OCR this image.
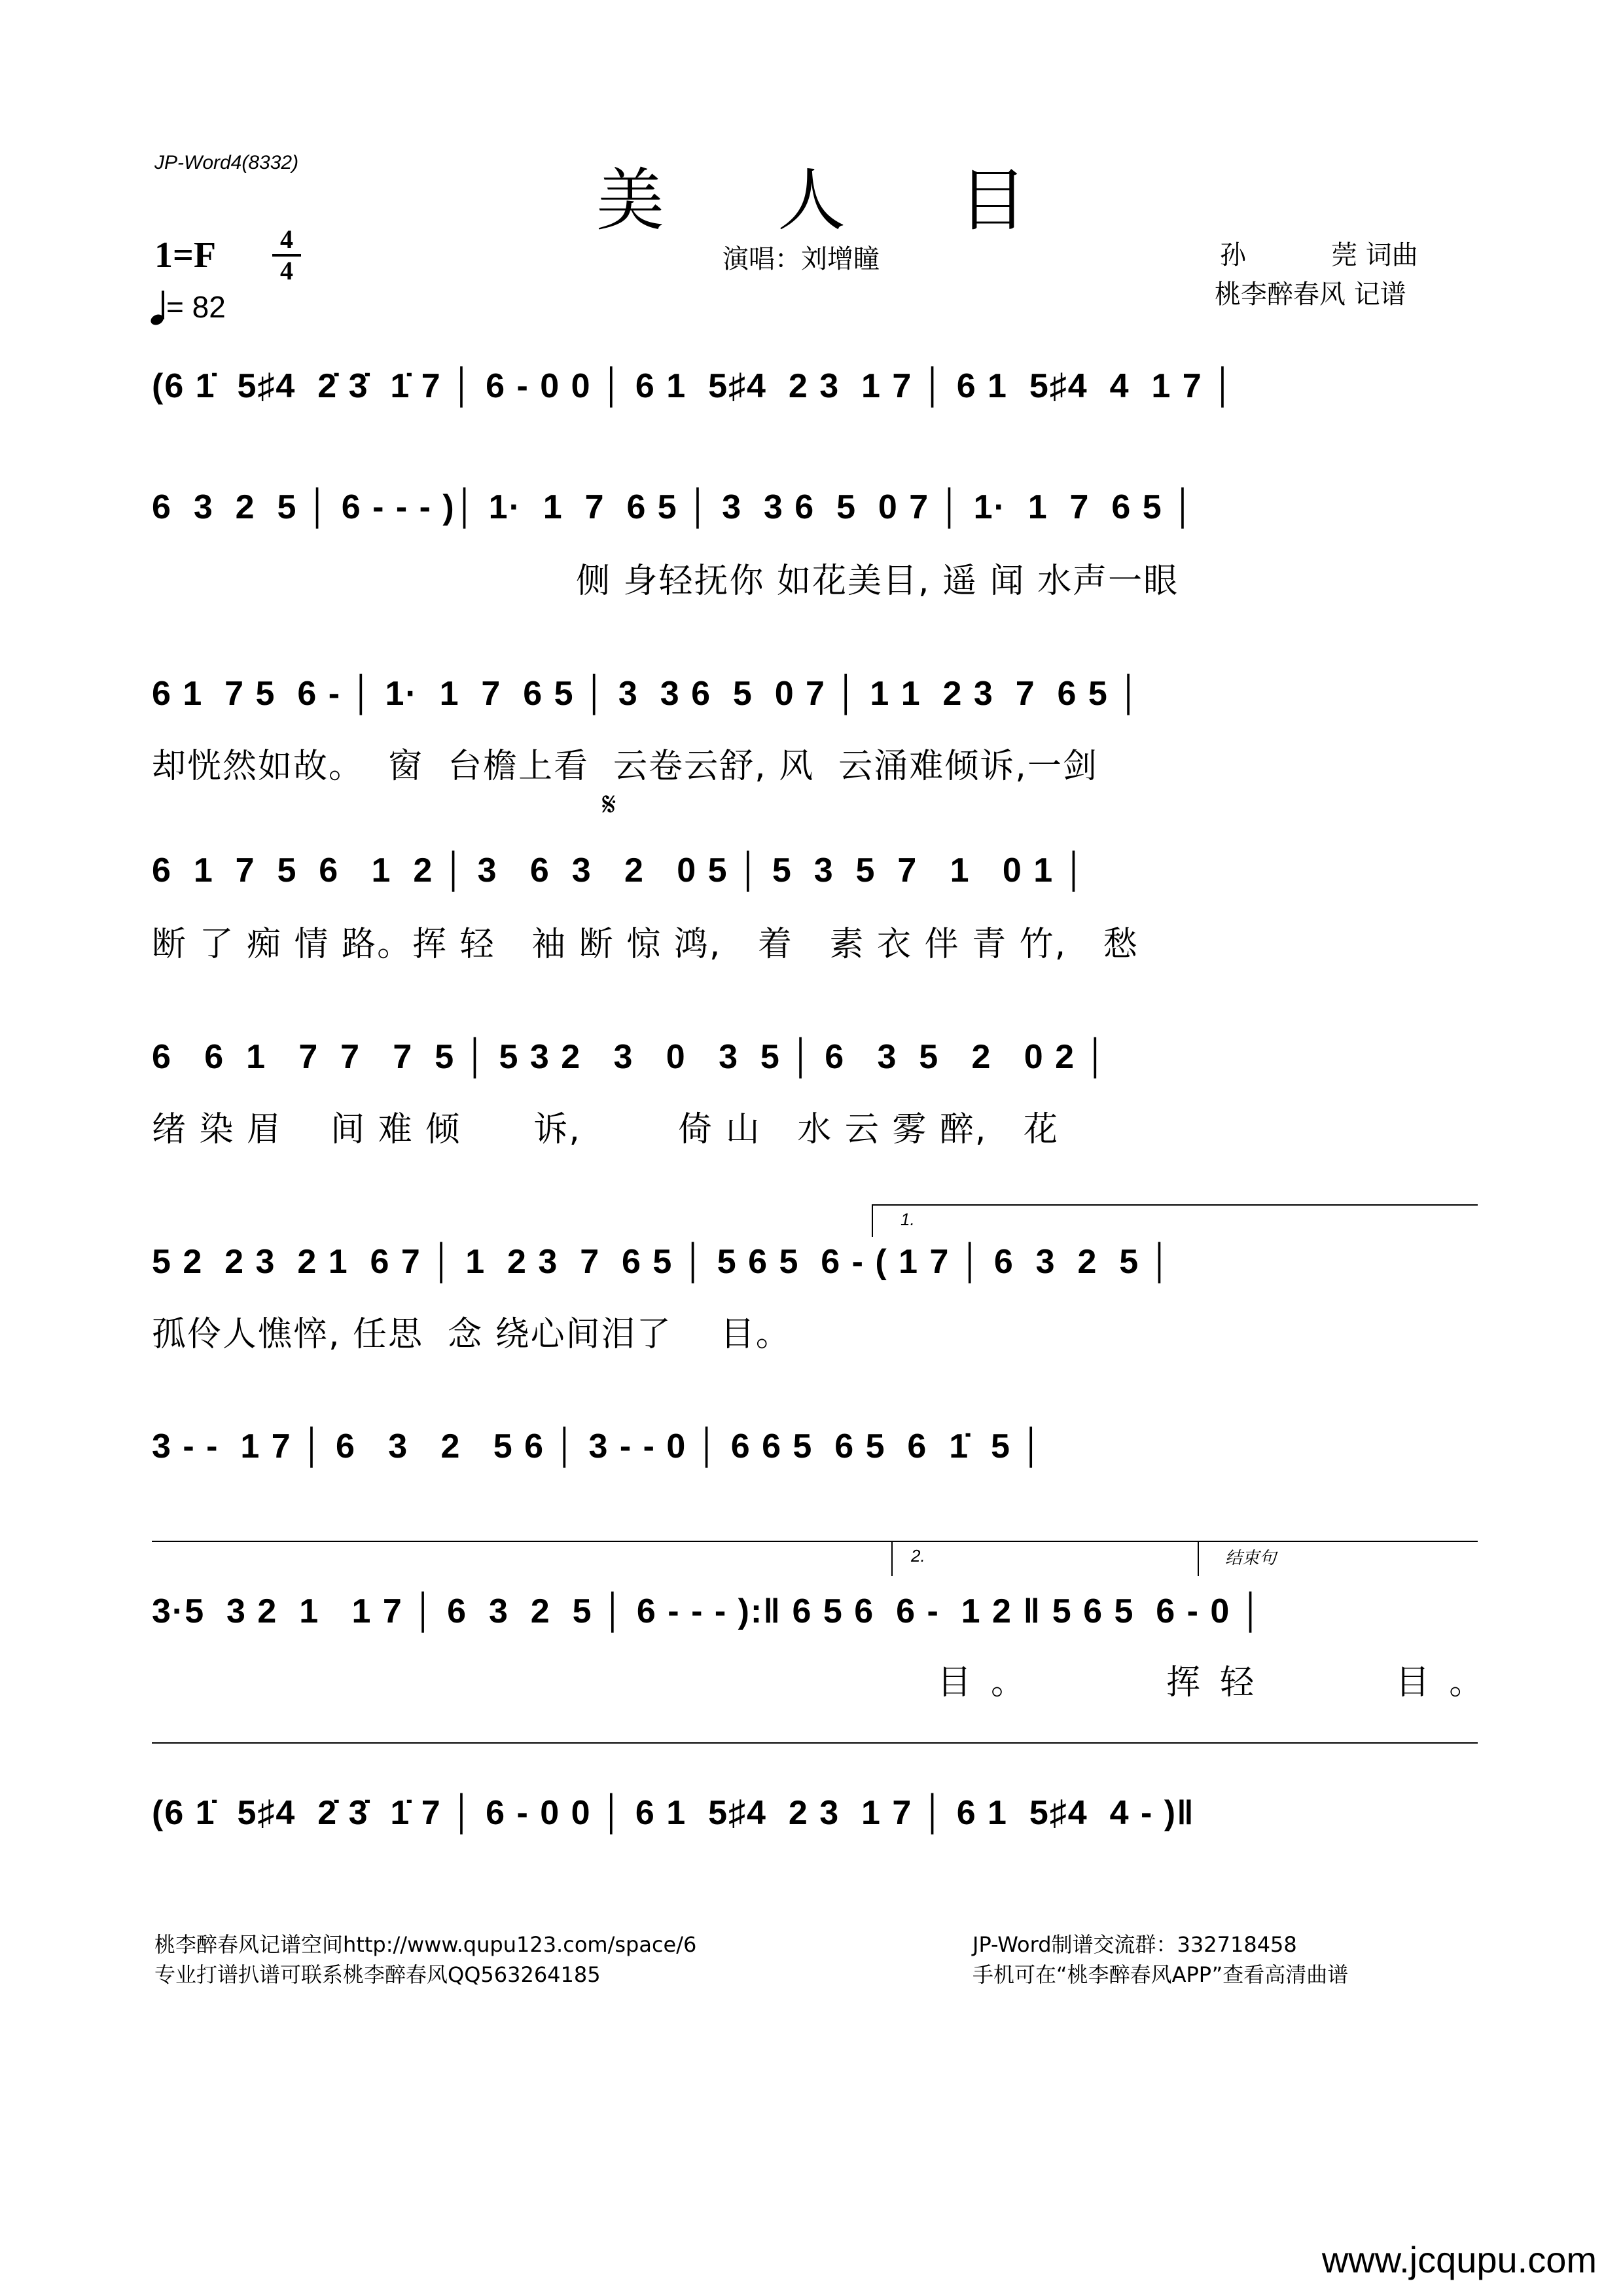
JP-Word4(8332)	美 人 目
1=F	4
4
= 82
演唱：刘增瞳	孙	莞 词曲
桃李醉春风 记谱
(6 1̇  5♯4  2̇ 3̇  1̇ 7 │ 6 - 0 0 │ 6 1  5♯4  2 3  1 7 │ 6 1  5♯4  4  1 7 │
6  3  2  5 │ 6 - - - )│ 1·  1  7  6 5 │ 3  3 6  5  0 7 │ 1·  1  7  6 5 │
侧 身轻抚你 如花美目, 遥 闻 水声一眼
6 1  7 5  6 - │ 1·  1  7  6 5 │ 3  3 6  5  0 7 │ 1 1  2 3  7  6 5 │
却恍然如故。  窗  台檐上看  云卷云舒, 风  云涌难倾诉,一剑
𝄋
6  1  7  5  6   1  2 │ 3   6  3   2   0 5 │ 5  3  5  7   1   0 1 │
断 了 痴 情 路。挥 轻   袖 断 惊 鸿,   着   素 衣 伴 青 竹,   愁
6   6  1   7  7   7  5 │ 5 3 2   3   0   3  5 │ 6   3  5   2   0 2 │
绪 染 眉    间 难 倾      诉,        倚 山   水 云 雾 醉,   花
1.
5 2  2 3  2 1  6 7 │ 1  2 3  7  6 5 │ 5 6 5  6 - ( 1 7 │ 6  3  2  5 │
孤伶人憔悴, 任思  念 绕心间泪了    目。
3 - -  1 7 │ 6   3   2   5 6 │ 3 - - 0 │ 6 6 5  6 5  6  1̇  5 │
2.	结束句
3·5  3 2  1   1 7 │ 6  3  2  5 │ 6 - - - ):‖ 6 5 6  6 -  1 2 ‖ 5 6 5  6 - 0 │
目。    挥轻    目。
(6 1̇  5♯4  2̇ 3̇  1̇ 7 │ 6 - 0 0 │ 6 1  5♯4  2 3  1 7 │ 6 1  5♯4  4 - )‖
桃李醉春风记谱空间http://www.qupu123.com/space/6
专业打谱扒谱可联系桃李醉春风QQ563264185
JP-Word制谱交流群：332718458
手机可在“桃李醉春风APP”查看高清曲谱
www.jcqupu.com
